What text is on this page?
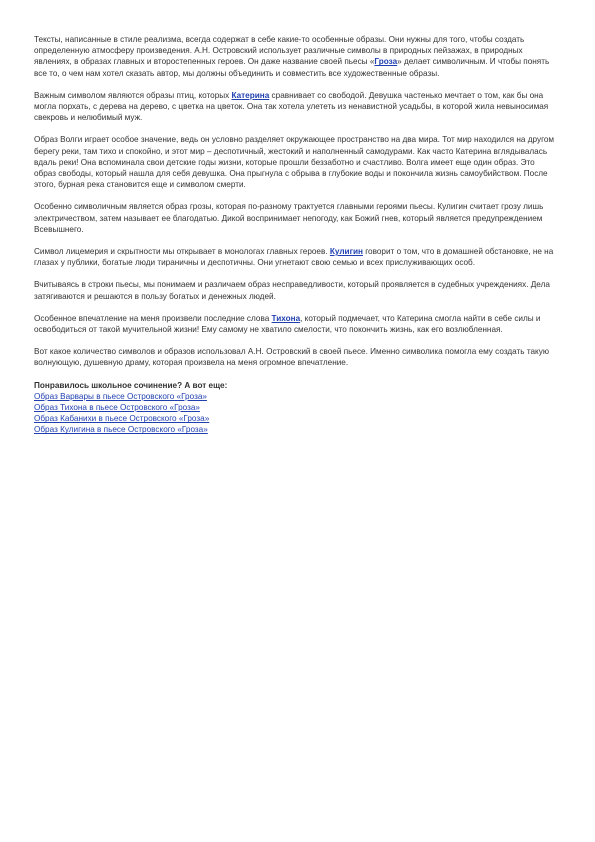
Тексты, написанные в стиле реализма, всегда содержат в себе какие-то особенные образы. Они нужны для того, чтобы создать определенную атмосферу произведения. А.Н. Островский использует различные символы в природных пейзажах, в природных явлениях, в образах главных и второстепенных героев. Он даже название своей пьесы «Гроза» делает символичным. И чтобы понять все то, о чем нам хотел сказать автор, мы должны объединить и совместить все художественные образы.

Важным символом являются образы птиц, которых Катерина сравнивает со свободой. Девушка частенько мечтает о том, как бы она могла порхать, с дерева на дерево, с цветка на цветок. Она так хотела улететь из ненавистной усадьбы, в которой жила невыносимая свекровь и нелюбимый муж.

Образ Волги играет особое значение, ведь он условно разделяет окружающее пространство на два мира. Тот мир находился на другом берегу реки, там тихо и спокойно, и этот мир – деспотичный, жестокий и наполненный самодурами. Как часто Катерина вглядывалась вдаль реки! Она вспоминала свои детские годы жизни, которые прошли беззаботно и счастливо. Волга имеет еще один образ. Это образ свободы, который нашла для себя девушка. Она прыгнула с обрыва в глубокие воды и покончила жизнь самоубийством. После этого, бурная река становится еще и символом смерти.

Особенно символичным является образ грозы, которая по-разному трактуется главными героями пьесы. Кулигин считает грозу лишь электричеством, затем называет ее благодатью. Дикой воспринимает непогоду, как Божий гнев, который является предупреждением Всевышнего.

Символ лицемерия и скрытности мы открывает в монологах главных героев. Кулигин говорит о том, что в домашней обстановке, не на глазах у публики, богатые люди тираничны и деспотичны. Они угнетают свою семью и всех прислуживающих особ.

Вчитываясь в строки пьесы, мы понимаем и различаем образ несправедливости, который проявляется в судебных учреждениях. Дела затягиваются и решаются в пользу богатых и денежных людей.

Особенное впечатление на меня произвели последние слова Тихона, который подмечает, что Катерина смогла найти в себе силы и освободиться от такой мучительной жизни! Ему самому не хватило смелости, что покончить жизнь, как его возлюбленная.

Вот какое количество символов и образов использовал А.Н. Островский в своей пьесе. Именно символика помогла ему создать такую волнующую, душевную драму, которая произвела на меня огромное впечатление.

Понравилось школьное сочинение? А вот еще:

Образ Варвары в пьесе Островского «Гроза»
Образ Тихона в пьесе Островского «Гроза»
Образ Кабанихи в пьесе Островского «Гроза»
Образ Кулигина в пьесе Островского «Гроза»
